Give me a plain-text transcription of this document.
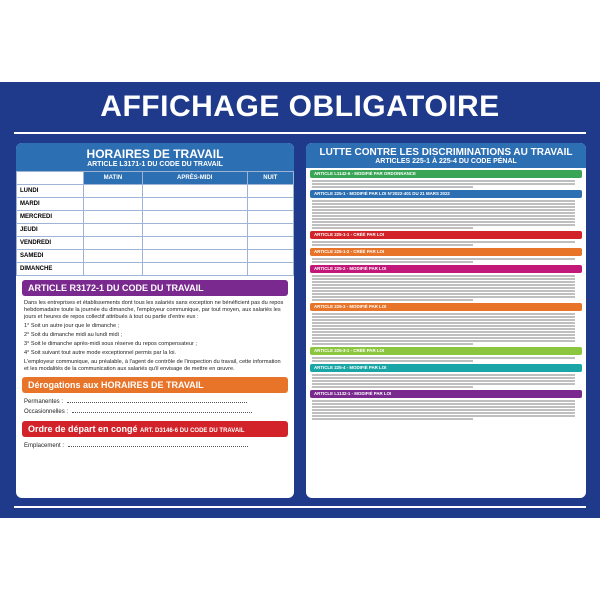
AFFICHAGE OBLIGATOIRE
HORAIRES DE TRAVAIL
ARTICLE L3171-1 DU CODE DU TRAVAIL
	MATIN	APRÈS-MIDI	NUIT
LUNDI			
MARDI			
MERCREDI			
JEUDI			
VENDREDI			
SAMEDI			
DIMANCHE			
ARTICLE R3172-1 DU CODE DU TRAVAIL
Dans les entreprises et établissements dont tous les salariés sans exception ne bénéficient pas du repos hebdomadaire toute la journée du dimanche, l'employeur communique, par tout moyen, aux salariés les jours et heures de repos collectif attribués à tout ou partie d'entre eux :
1° Soit un autre jour que le dimanche ;
2° Soit du dimanche midi au lundi midi ;
3° Soit le dimanche après-midi sous réserve du repos compensateur ;
4° Soit suivant tout autre mode exceptionnel permis par la loi.
L'employeur communique, au préalable, à l'agent de contrôle de l'inspection du travail, cette information et les modalités de la communication aux salariés qu'il envisage de mettre en œuvre.
Dérogations aux HORAIRES DE TRAVAIL
Permanentes :
Occasionnelles :
Ordre de départ en congé ART. D3146-6 DU CODE DU TRAVAIL
Emplacement :
LUTTE CONTRE LES DISCRIMINATIONS AU TRAVAIL
ARTICLES 225-1 À 225-4 DU CODE PÉNAL
ARTICLE L1142-6 - MODIFIÉ PAR ORDONNANCE
ARTICLE 225-1 - MODIFIÉ PAR LOI N°2022-401 DU 21 MARS 2022
ARTICLE 225-1-1 - CRÉÉ PAR LOI
ARTICLE 225-1-2 - CRÉÉ PAR LOI
ARTICLE 225-2 - MODIFIÉ PAR LOI
ARTICLE 225-3 - MODIFIÉ PAR LOI
ARTICLE 225-3-1 - CRÉÉ PAR LOI
ARTICLE 225-4 - MODIFIÉ PAR LOI
ARTICLE L1132-1 - MODIFIÉ PAR LOI
